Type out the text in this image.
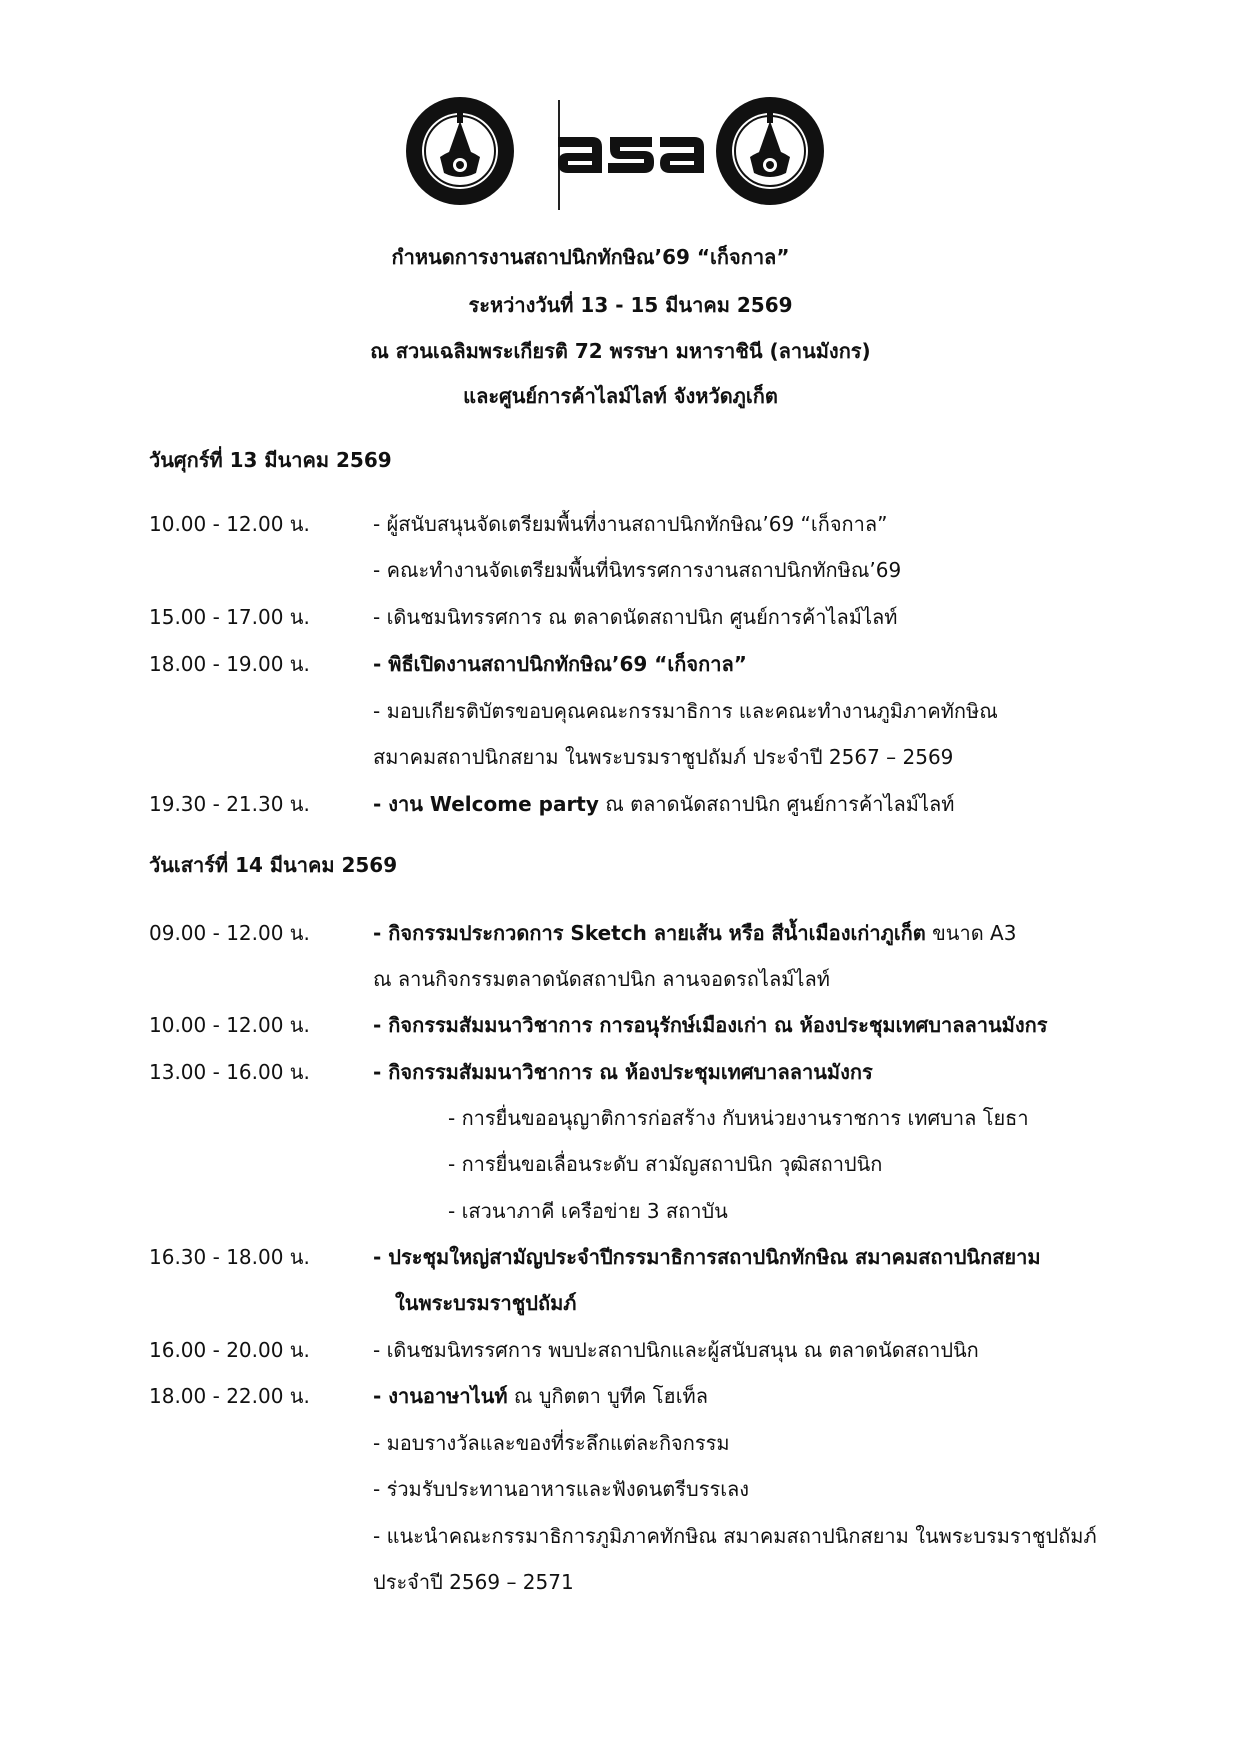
กำหนดการงานสถาปนิกทักษิณ’69 “เก็จกาล”
ระหว่างวันที่ 13 - 15 มีนาคม 2569
ณ สวนเฉลิมพระเกียรติ 72 พรรษา มหาราชินี (ลานมังกร)
และศูนย์การค้าไลม์ไลท์ จังหวัดภูเก็ต
วันศุกร์ที่ 13 มีนาคม 2569
10.00 - 12.00 น.	- ผู้สนับสนุนจัดเตรียมพื้นที่งานสถาปนิกทักษิณ’69 “เก็จกาล”
- คณะทำงานจัดเตรียมพื้นที่นิทรรศการงานสถาปนิกทักษิณ’69
15.00 - 17.00 น.	- เดินชมนิทรรศการ ณ ตลาดนัดสถาปนิก ศูนย์การค้าไลม์ไลท์
18.00 - 19.00 น.	- พิธีเปิดงานสถาปนิกทักษิณ’69 “เก็จกาล”
- มอบเกียรติบัตรขอบคุณคณะกรรมาธิการ และคณะทำงานภูมิภาคทักษิณ
สมาคมสถาปนิกสยาม ในพระบรมราชูปถัมภ์ ประจำปี 2567 – 2569
19.30 - 21.30 น.	- งาน Welcome party ณ ตลาดนัดสถาปนิก ศูนย์การค้าไลม์ไลท์
วันเสาร์ที่ 14 มีนาคม 2569
09.00 - 12.00 น.	- กิจกรรมประกวดการ Sketch ลายเส้น หรือ สีน้ำเมืองเก่าภูเก็ต ขนาด A3
ณ ลานกิจกรรมตลาดนัดสถาปนิก ลานจอดรถไลม์ไลท์
10.00 - 12.00 น.	- กิจกรรมสัมมนาวิชาการ การอนุรักษ์เมืองเก่า ณ ห้องประชุมเทศบาลลานมังกร
13.00 - 16.00 น.	- กิจกรรมสัมมนาวิชาการ ณ ห้องประชุมเทศบาลลานมังกร
- การยื่นขออนุญาติการก่อสร้าง กับหน่วยงานราชการ เทศบาล โยธา
- การยื่นขอเลื่อนระดับ สามัญสถาปนิก วุฒิสถาปนิก
- เสวนาภาคี เครือข่าย 3 สถาบัน
16.30 - 18.00 น.	- ประชุมใหญ่สามัญประจำปีกรรมาธิการสถาปนิกทักษิณ สมาคมสถาปนิกสยาม
ในพระบรมราชูปถัมภ์
16.00 - 20.00 น.	- เดินชมนิทรรศการ พบปะสถาปนิกและผู้สนับสนุน ณ ตลาดนัดสถาปนิก
18.00 - 22.00 น.	- งานอาษาไนท์ ณ บูกิตตา บูทีค โฮเท็ล
- มอบรางวัลและของที่ระลึกแต่ละกิจกรรม
- ร่วมรับประทานอาหารและฟังดนตรีบรรเลง
- แนะนำคณะกรรมาธิการภูมิภาคทักษิณ สมาคมสถาปนิกสยาม ในพระบรมราชูปถัมภ์
ประจำปี 2569 – 2571
